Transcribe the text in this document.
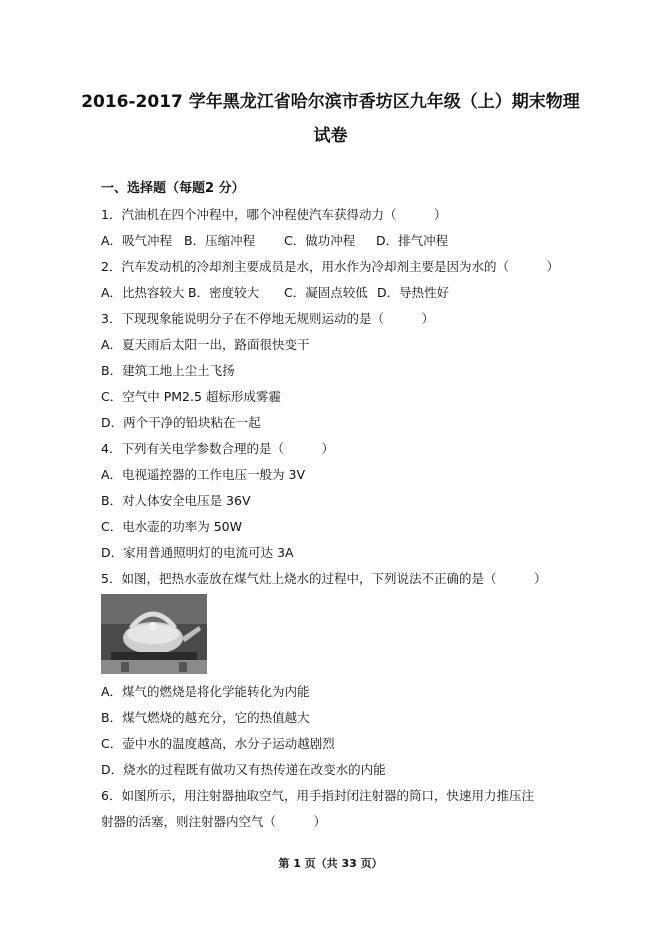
2016-2017 学年黑龙江省哈尔滨市香坊区九年级（上）期末物理
试卷
一、选择题（每题2 分）
1．汽油机在四个冲程中，哪个冲程使汽车获得动力（　　　）
A．吸气冲程 B．压缩冲程 C．做功冲程 D．排气冲程
2．汽车发动机的冷却剂主要成员是水，用水作为冷却剂主要是因为水的（　　　）
A．比热容较大 B．密度较大 C．凝固点较低 D．导热性好
3．下现现象能说明分子在不停地无规则运动的是（　　　）
A．夏天雨后太阳一出，路面很快变干
B．建筑工地上尘土飞扬
C．空气中 PM2.5 超标形成雾霾
D．两个干净的铅块粘在一起
4．下列有关电学参数合理的是（　　　）
A．电视遥控器的工作电压一般为 3V
B．对人体安全电压是 36V
C．电水壶的功率为 50W
D．家用普通照明灯的电流可达 3A
5．如图，把热水壶放在煤气灶上烧水的过程中，下列说法不正确的是（　　　）
A．煤气的燃烧是将化学能转化为内能
B．煤气燃烧的越充分，它的热值越大
C．壶中水的温度越高，水分子运动越剧烈
D．烧水的过程既有做功又有热传递在改变水的内能
6．如图所示，用注射器抽取空气，用手指封闭注射器的筒口，快速用力推压注
射器的活塞，则注射器内空气（　　　）
第 1 页（共 33 页）
